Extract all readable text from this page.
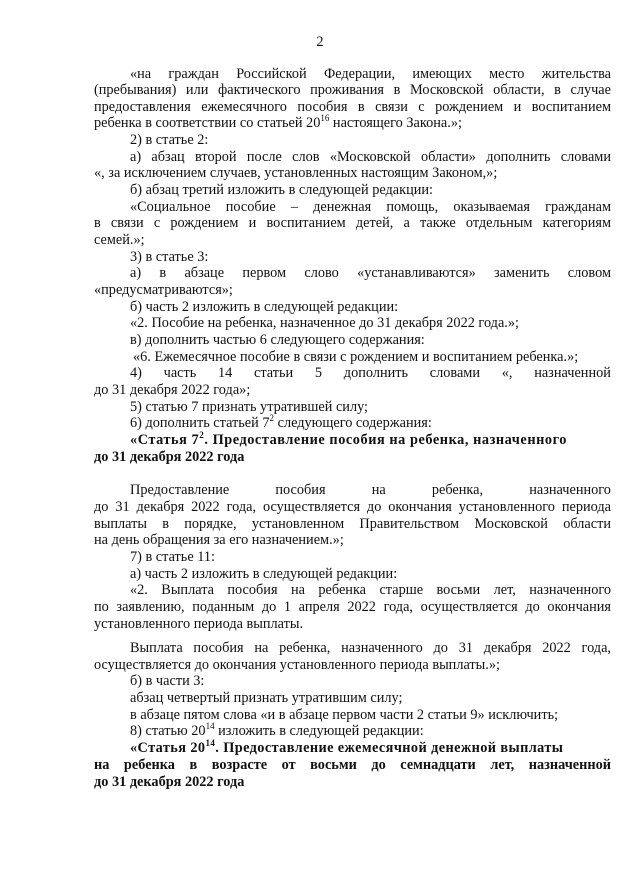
2
«на граждан Российской Федерации, имеющих место жительства
(пребывания) или фактического проживания в Московской области, в случае
предоставления ежемесячного пособия в связи с рождением и воспитанием
ребенка в соответствии со статьей $20^{16}$ настоящего Закона.»;
2) в статье 2:
а) абзац второй после слов «Московской области» дополнить словами
«, за исключением случаев, установленных настоящим Законом,»;
б) абзац третий изложить в следующей редакции:
«Социальное пособие – денежная помощь, оказываемая гражданам
в связи с рождением и воспитанием детей, а также отдельным категориям
семей.»;
3) в статье 3:
а) в абзаце первом слово «устанавливаются» заменить словом
«предусматриваются»;
б) часть 2 изложить в следующей редакции:
«2. Пособие на ребенка, назначенное до 31 декабря 2022 года.»;
в) дополнить частью 6 следующего содержания:
«6. Ежемесячное пособие в связи с рождением и воспитанием ребенка.»;
4) часть 14 статьи 5 дополнить словами «, назначенной
до 31 декабря 2022 года»;
5) статью 7 признать утратившей силу;
6) дополнить статьей $7^2$ следующего содержания:
«Статья $7^2$. Предоставление пособия на ребенка, назначенного
до 31 декабря 2022 года
Предоставление	пособия	на	ребенка,	назначенного
до 31 декабря 2022 года, осуществляется до окончания установленного периода
выплаты в порядке, установленном Правительством Московской области
на день обращения за его назначением.»;
7) в статье 11:
а) часть 2 изложить в следующей редакции:
«2. Выплата пособия на ребенка старше восьми лет, назначенного
по заявлению, поданным до 1 апреля 2022 года, осуществляется до окончания
установленного периода выплаты.
Выплата пособия на ребенка, назначенного до 31 декабря 2022 года,
осуществляется до окончания установленного периода выплаты.»;
б) в части 3:
абзац четвертый признать утратившим силу;
в абзаце пятом слова «и в абзаце первом части 2 статьи 9» исключить;
8) статью $20^{14}$ изложить в следующей редакции:
«Статья $20^{14}$. Предоставление ежемесячной денежной выплаты
на ребенка в возрасте от восьми до семнадцати лет, назначенной
до 31 декабря 2022 года
